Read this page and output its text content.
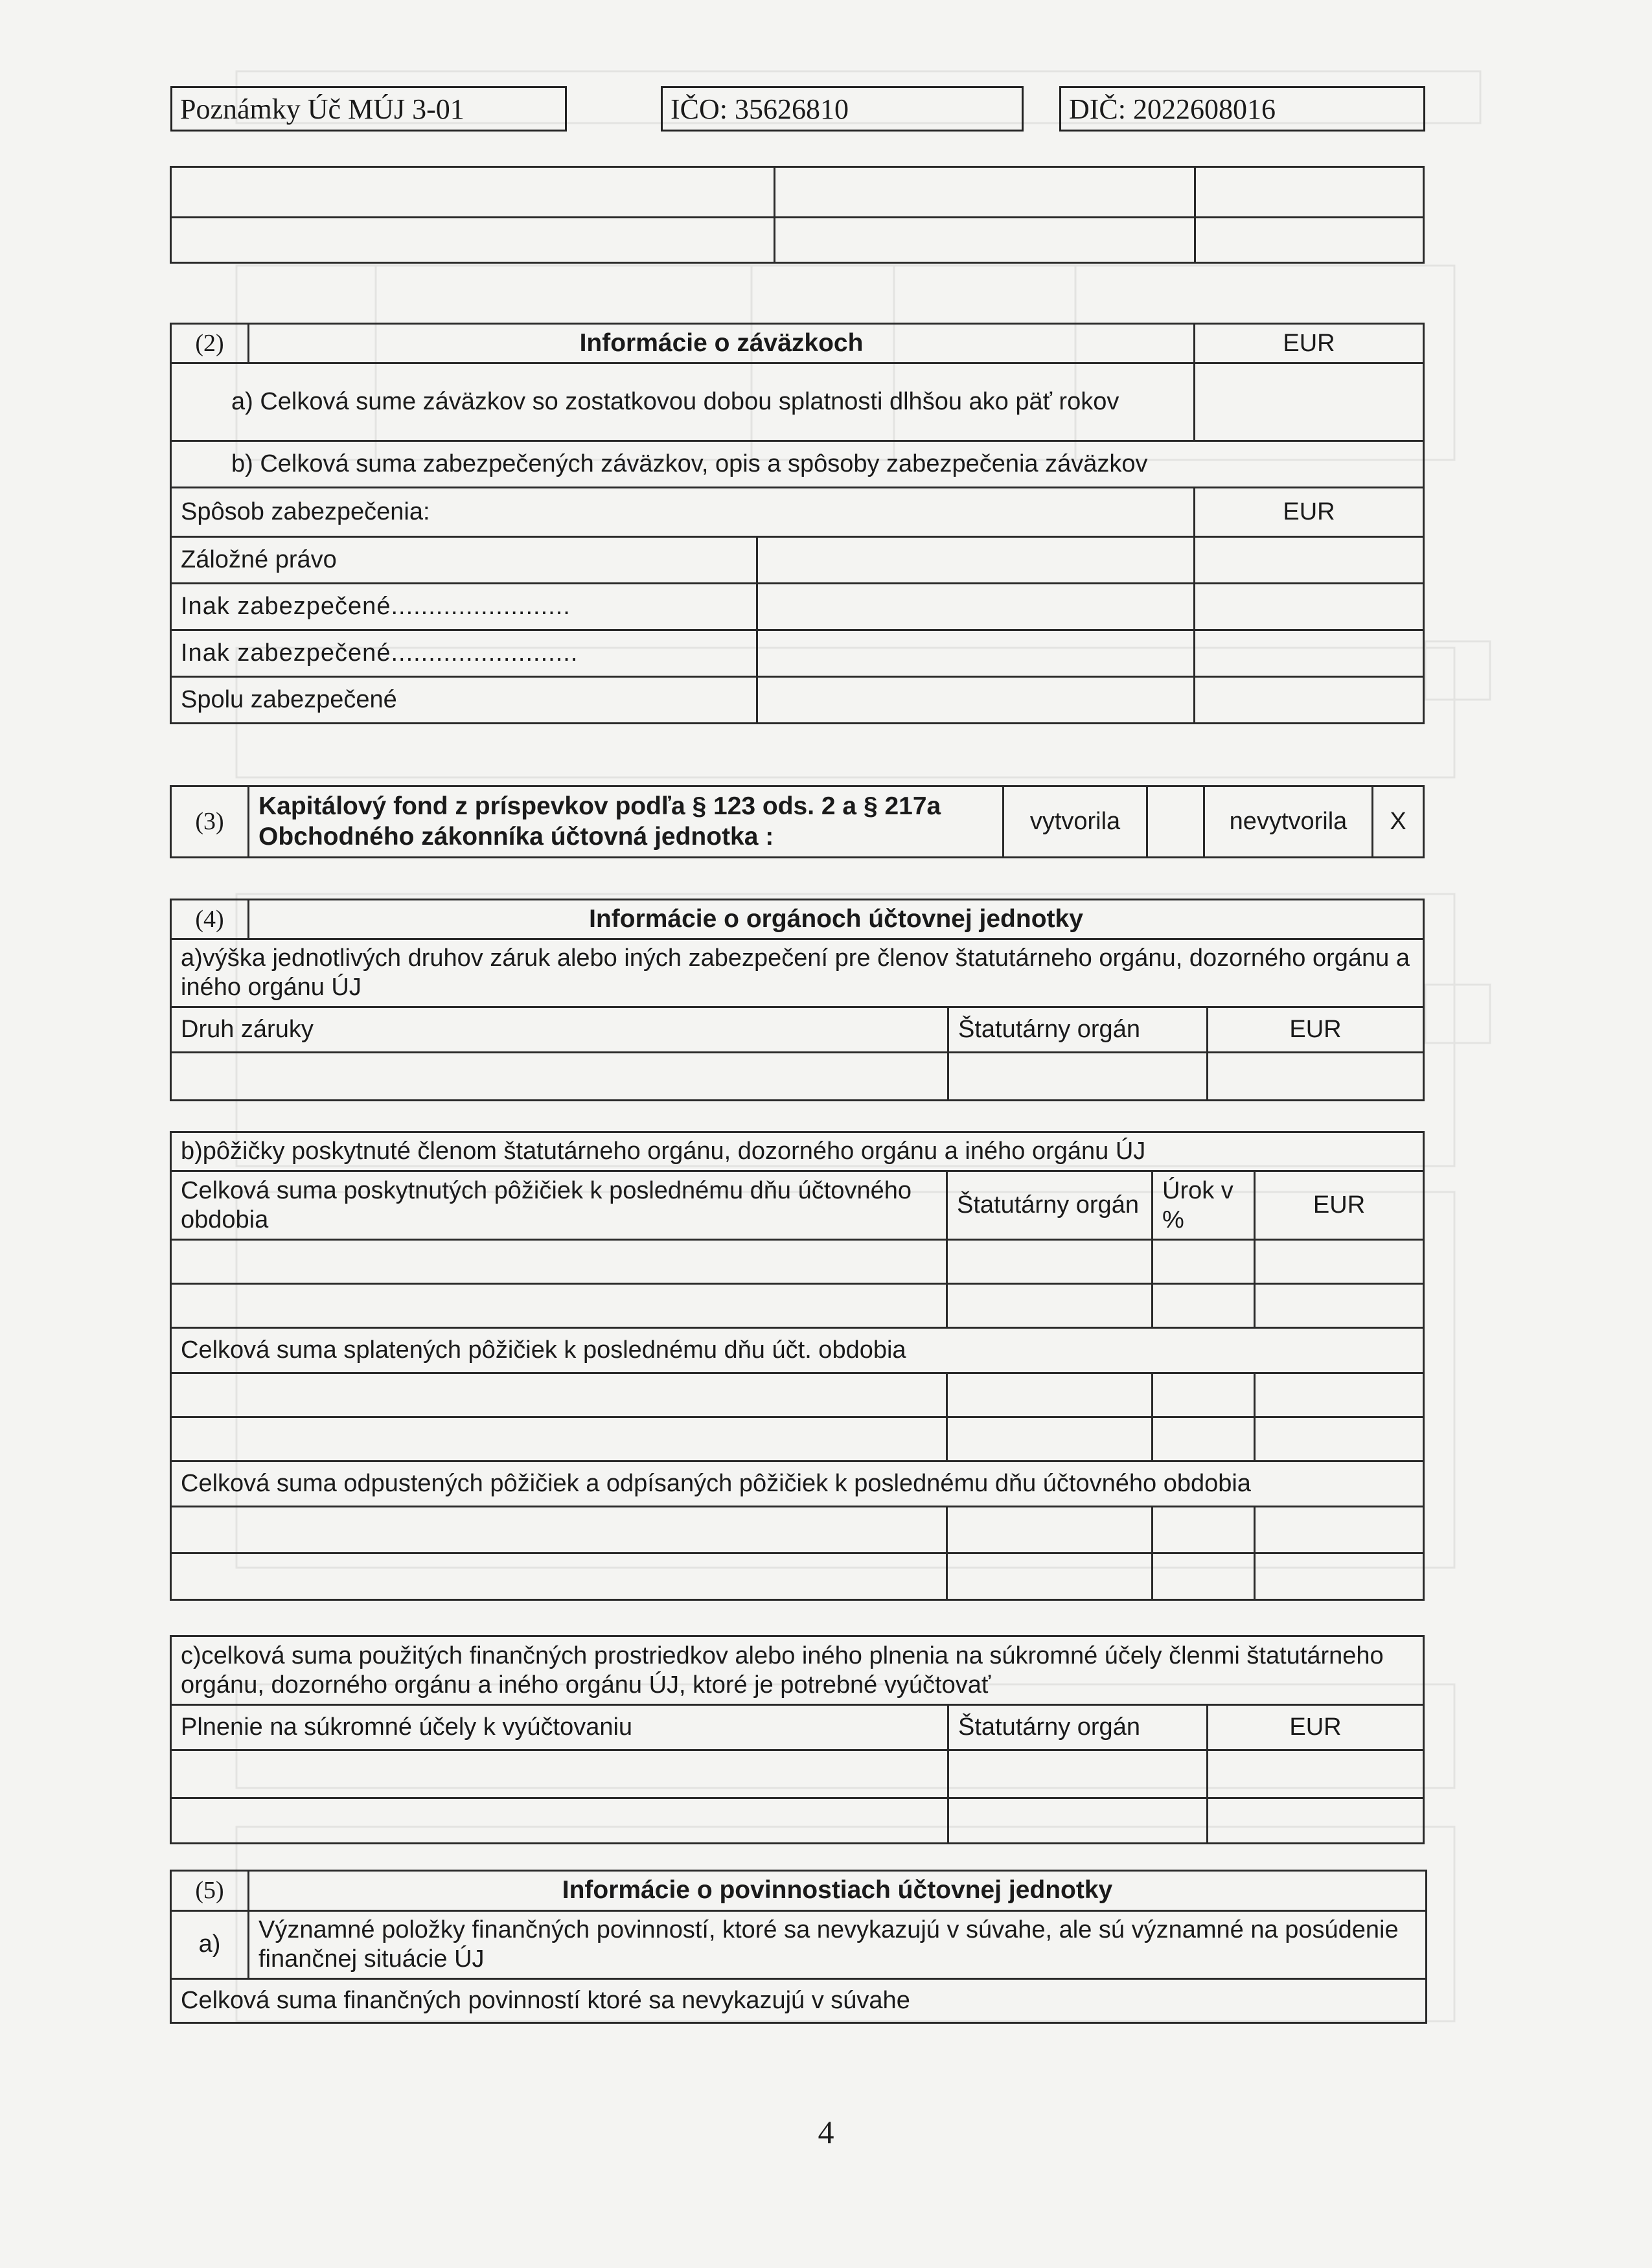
Poznámky Úč MÚJ 3-01	IČO: 35626810	DIČ: 2022608016

(2)	Informácie o záväzkoch		EUR
a) Celková sume záväzkov so zostatkovou dobou splatnosti dlhšou ako päť rokov			
b) Celková suma zabezpečených záväzkov, opis a spôsoby zabezpečenia záväzkov			
Spôsob zabezpečenia:			EUR
Záložné právo			
Inak zabezpečené........................			
Inak zabezpečené.........................			
Spolu zabezpečené			
(3)	Kapitálový fond z príspevkov podľa § 123 ods. 2 a § 217a Obchodného zákonníka účtovná jednotka :	vytvorila		nevytvorila	X
(4)	Informácie o orgánoch účtovnej jednotky		
a)výška jednotlivých druhov záruk alebo iných zabezpečení pre členov štatutárneho orgánu, dozorného orgánu a iného orgánu ÚJ			
Druh záruky		Štatutárny orgán	EUR

b)pôžičky poskytnuté členom štatutárneho orgánu, dozorného orgánu a iného orgánu ÚJ			
Celková suma poskytnutých pôžičiek k poslednému dňu účtovného obdobia	Štatutárny orgán	Úrok v %	EUR

Celková suma splatených pôžičiek k poslednému dňu účt. obdobia			

Celková suma odpustených pôžičiek a odpísaných pôžičiek k poslednému dňu účtovného obdobia			

c)celková suma použitých finančných prostriedkov alebo iného plnenia na súkromné účely členmi štatutárneho orgánu, dozorného orgánu a iného orgánu ÚJ, ktoré je potrebné vyúčtovať		
Plnenie na súkromné účely k vyúčtovaniu	Štatutárny orgán	EUR

(5)	Informácie o povinnostiach účtovnej jednotky
a)	Významné položky finančných povinností, ktoré sa nevykazujú v súvahe, ale sú významné na posúdenie finančnej situácie ÚJ
Celková suma finančných povinností ktoré sa nevykazujú v súvahe	
4
